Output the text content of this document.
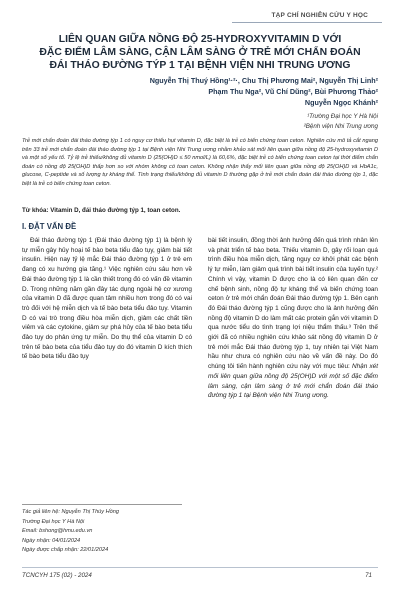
TẠP CHÍ NGHIÊN CỨU Y HỌC
LIÊN QUAN GIỮA NỒNG ĐỘ 25-HYDROXYVITAMIN D VỚI
ĐẶC ĐIỂM LÂM SÀNG, CẬN LÂM SÀNG Ở TRẺ MỚI CHẨN ĐOÁN
ĐÁI THÁO ĐƯỜNG TÝP 1 TẠI BỆNH VIỆN NHI TRUNG ƯƠNG
Nguyễn Thị Thuý Hồng¹·²·, Chu Thị Phương Mai², Nguyễn Thị Linh²
Phạm Thu Nga², Vũ Chí Dũng², Bùi Phương Thảo²
Nguyễn Ngọc Khánh²
¹Trường Đại học Y Hà Nội
²Bệnh viện Nhi Trung ương

Trẻ mới chẩn đoán đái tháo đường týp 1 có nguy cơ thiếu hụt vitamin D, đặc biệt là trẻ có biến chứng toan ceton. Nghiên cứu mô tả cắt ngang trên 33 trẻ mới chẩn đoán đái tháo đường týp 1 tại Bệnh viện Nhi Trung ương nhằm khảo sát mối liên quan giữa nồng độ 25-hydroxyvitamin D và một số yếu tố. Tỷ lệ trẻ thiếu/không đủ vitamin D (25(OH)D ≤ 50 nmol/L) là 60,6%, đặc biệt trẻ có biến chứng toan ceton tại thời điểm chẩn đoán có nồng độ 25(OH)D thấp hơn so với nhóm không có toan ceton. Không nhận thấy mối liên quan giữa nồng độ 25(OH)D và HbA1c, glucose, C-peptide và số lượng tự kháng thể. Tình trạng thiếu/không đủ vitamin D thường gặp ở trẻ mới chẩn đoán đái tháo đường týp 1, đặc biệt là trẻ có biến chứng toan ceton.

Từ khóa: Vitamin D, đái tháo đường týp 1, toan ceton.

I. ĐẶT VẤN ĐỀ

Đái tháo đường týp 1 (Đái tháo đường týp 1) là bệnh lý tự miễn gây hủy hoại tế bào beta tiểu đảo tụy, giảm bài tiết insulin. Hiện nay tỷ lệ mắc Đái tháo đường týp 1 ở trẻ em đang có xu hướng gia tăng.¹ Việc nghiên cứu sâu hơn về Đái tháo đường týp 1 là cần thiết trong đó có vấn đề vitamin D. Trong những năm gần đây tác dụng ngoài hệ cơ xương của vitamin D đã được quan tâm nhiều hơn trong đó có vai trò đối với hệ miễn dịch và tế bào beta tiểu đảo tụy. Vitamin D có vai trò trong điều hòa miễn dịch, giảm các chất tiền viêm và các cytokine, giảm sự phá hủy của tế bào beta tiểu đảo tụy do phản ứng tự miễn. Do thụ thể của vitamin D có trên tế bào beta của tiểu đảo tụy do đó vitamin D kích thích tế bào beta tiểu đảo tụy

bài tiết insulin, đồng thời ảnh hưởng đến quá trình nhân lên và phát triển tế bào beta. Thiếu vitamin D, gây rối loạn quá trình điều hòa miễn dịch, tăng nguy cơ khởi phát các bệnh lý tự miễn, làm giảm quá trình bài tiết insulin của tuyến tụy.² Chính vì vậy, vitamin D được cho là có liên quan đến cơ chế bệnh sinh, nồng độ tự kháng thể và biến chứng toan ceton ở trẻ mới chẩn đoán Đái tháo đường týp 1. Bên cạnh đó Đái tháo đường týp 1 cũng được cho là ảnh hưởng đến nồng độ vitamin D do làm mất các protein gắn với vitamin D qua nước tiểu do tình trạng lợi niệu thẩm thấu.³ Trên thế giới đã có nhiều nghiên cứu khảo sát nồng độ vitamin D ở trẻ mới mắc Đái tháo đường týp 1, tuy nhiên tại Việt Nam hầu như chưa có nghiên cứu nào về vấn đề này. Do đó chúng tôi tiến hành nghiên cứu này với mục tiêu: Nhận xét mối liên quan giữa nồng độ 25(OH)D với một số đặc điểm lâm sàng, cận lâm sàng ở trẻ mới chẩn đoán đái tháo đường týp 1 tại Bệnh viện Nhi Trung ương.

Tác giả liên hệ: Nguyễn Thị Thúy Hồng
Trường Đại học Y Hà Nội
Email: bshong@hmu.edu.vn
Ngày nhận: 04/01/2024
Ngày được chấp nhận: 22/01/2024
TCNCYH 175 (02) - 2024	71
